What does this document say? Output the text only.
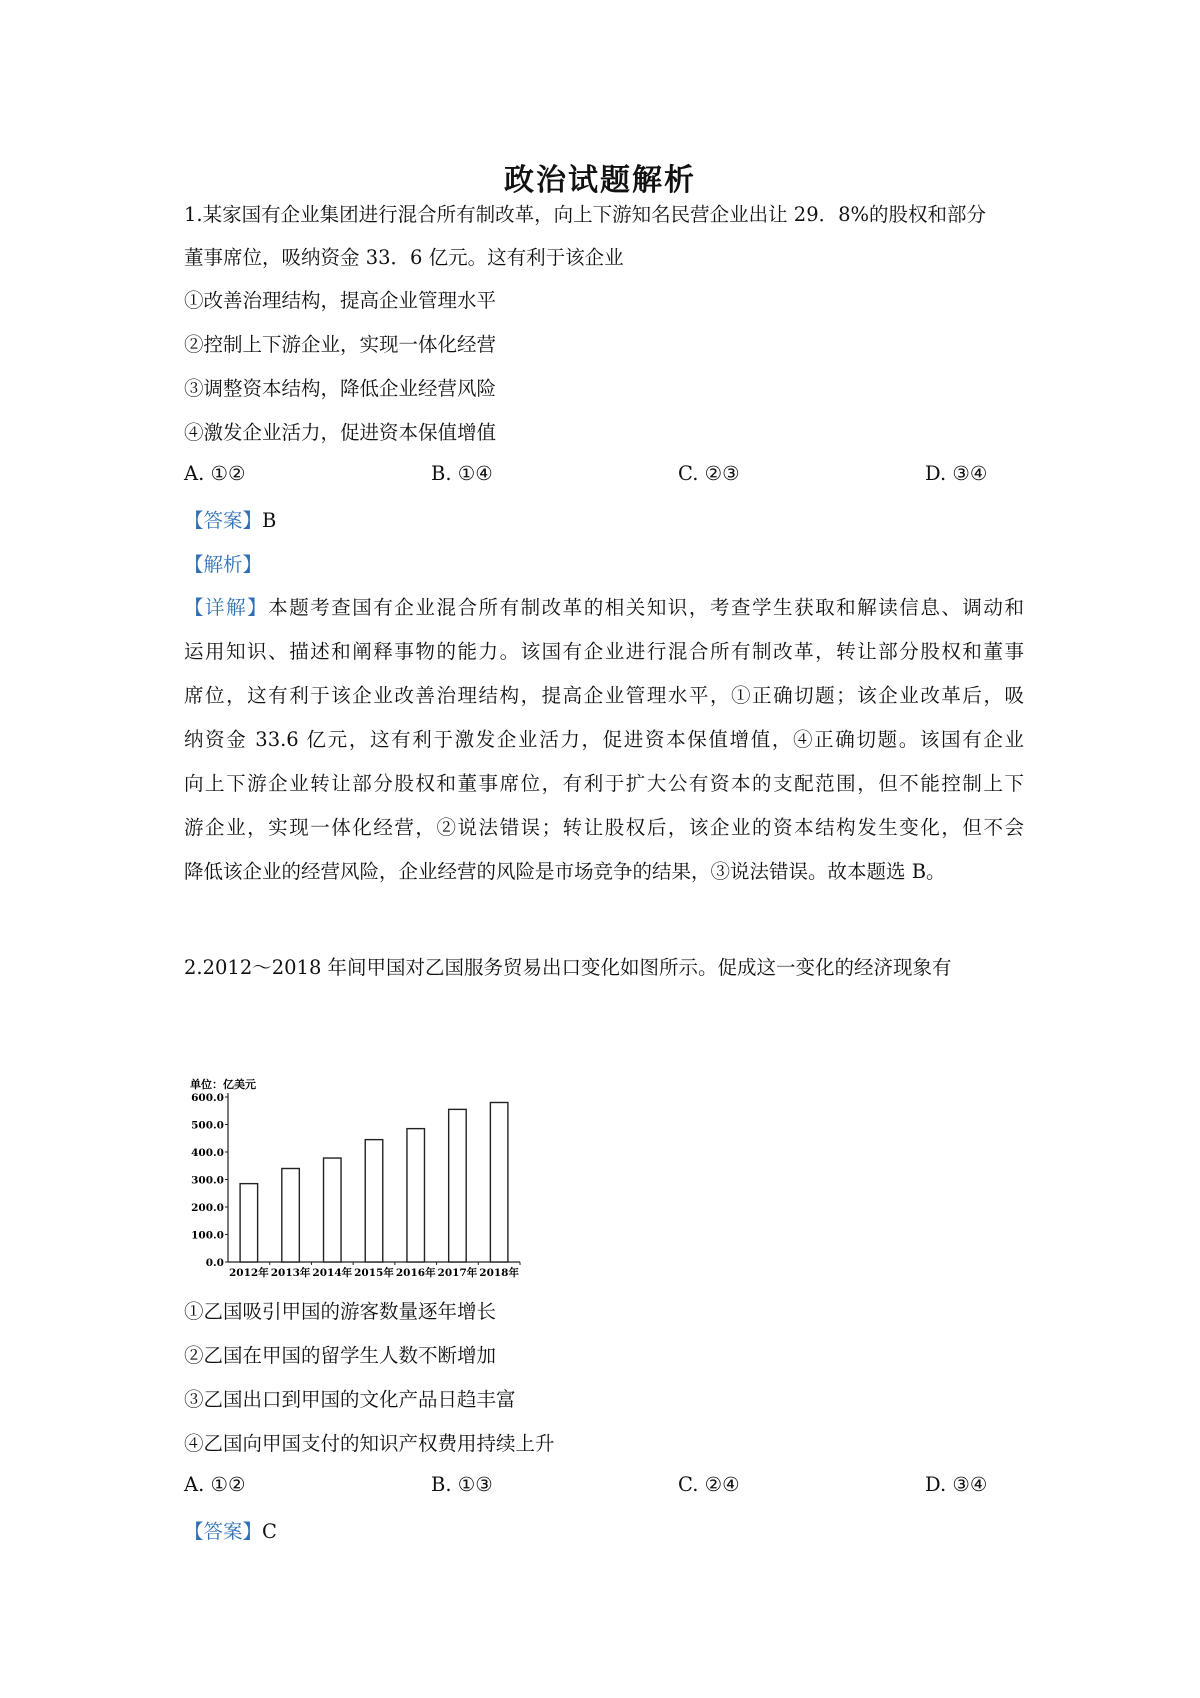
政治试题解析
1.某家国有企业集团进行混合所有制改革，向上下游知名民营企业出让 29．8%的股权和部分
董事席位，吸纳资金 33．6 亿元。这有利于该企业
①改善治理结构，提高企业管理水平
②控制上下游企业，实现一体化经营
③调整资本结构，降低企业经营风险
④激发企业活力，促进资本保值增值
A. ①②	B. ①④	C. ②③	D. ③④
【答案】B
【解析】
【详解】本题考查国有企业混合所有制改革的相关知识，考查学生获取和解读信息、调动和
运用知识、描述和阐释事物的能力。该国有企业进行混合所有制改革，转让部分股权和董事
席位，这有利于该企业改善治理结构，提高企业管理水平，①正确切题；该企业改革后，吸
纳资金 33.6 亿元，这有利于激发企业活力，促进资本保值增值，④正确切题。该国有企业
向上下游企业转让部分股权和董事席位，有利于扩大公有资本的支配范围，但不能控制上下
游企业，实现一体化经营，②说法错误；转让股权后，该企业的资本结构发生变化，但不会
降低该企业的经营风险，企业经营的风险是市场竞争的结果，③说法错误。故本题选 B。
2.2012～2018 年间甲国对乙国服务贸易出口变化如图所示。促成这一变化的经济现象有
单位：亿美元
0.0
100.0
200.0
300.0
400.0
500.0
600.0
2012年 2013年 2014年 2015年 2016年 2017年 2018年
①乙国吸引甲国的游客数量逐年增长
②乙国在甲国的留学生人数不断增加
③乙国出口到甲国的文化产品日趋丰富
④乙国向甲国支付的知识产权费用持续上升
A. ①②	B. ①③	C. ②④	D. ③④
【答案】C
